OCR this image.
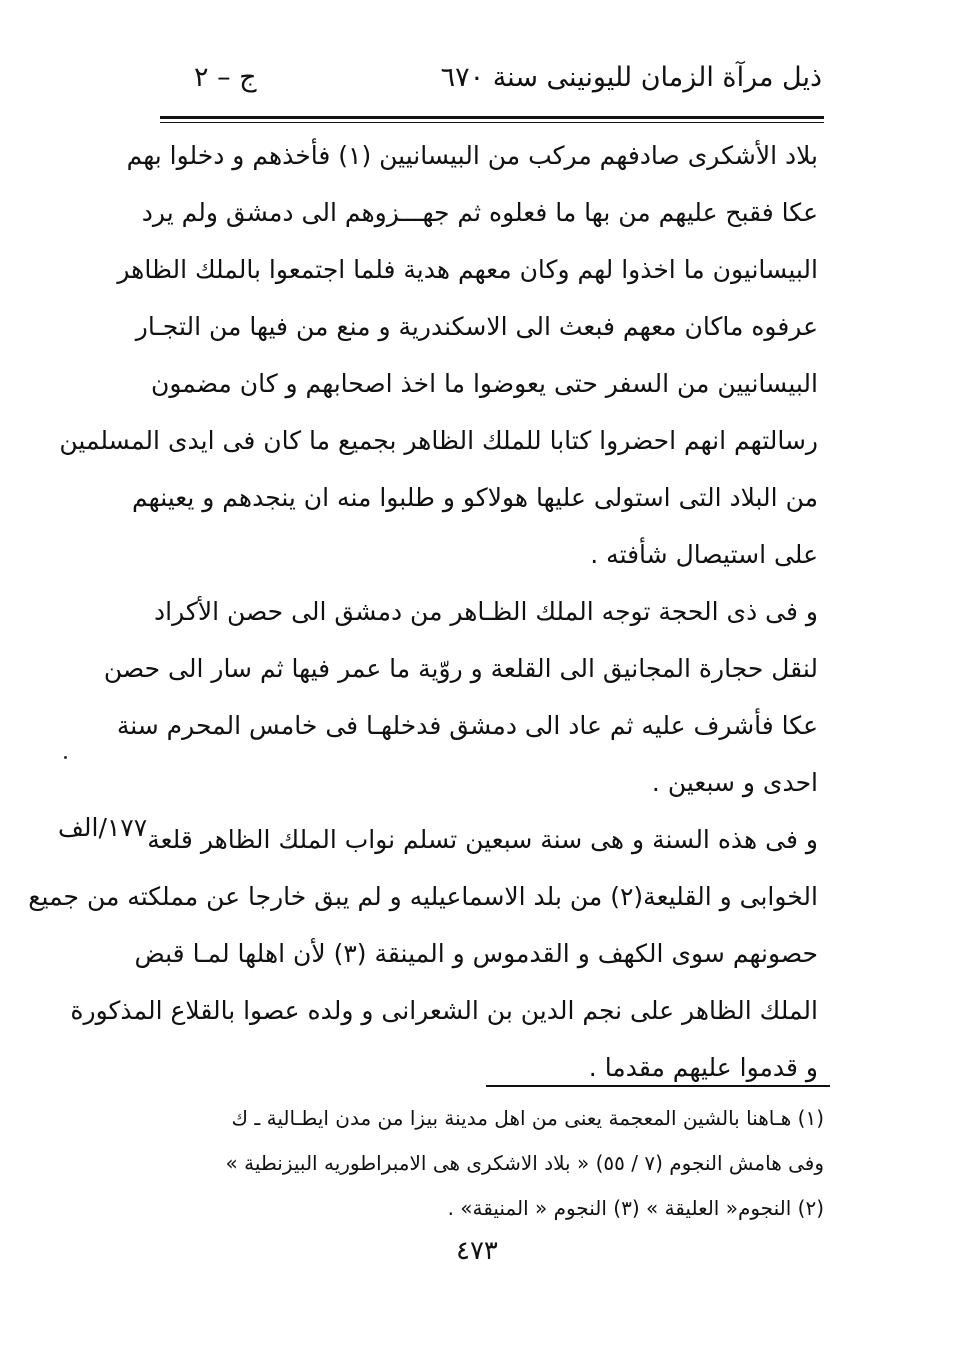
ذيل مرآة الزمان لليونينى سنة ٦٧٠
ج – ٢
بلاد الأشكرى صادفهم مركب من البيسانيين (١) فأخذهم و دخلوا بهم
عكا فقبح عليهم من بها ما فعلوه ثم جهـــزوهم الى دمشق ولم يرد
البيسانيون ما اخذوا لهم وكان معهم هدية فلما اجتمعوا بالملك الظاهر
عرفوه ماكان معهم فبعث الى الاسكندرية و منع من فيها من التجـار
البيسانيين من السفر حتى يعوضوا ما اخذ اصحابهم و كان مضمون
رسالتهم انهم احضروا كتابا للملك الظاهر بجميع ما كان فى ايدى المسلمين
من البلاد التى استولى عليها هولاكو و طلبوا منه ان ينجدهم و يعينهم
على استيصال شأفته .
و فى ذى الحجة توجه الملك الظـاهر من دمشق الى حصن الأكراد
لنقل حجارة المجانيق الى القلعة و روّية ما عمر فيها ثم سار الى حصن
عكا فأشرف عليه ثم عاد الى دمشق فدخلهـا فى خامس المحرم سنة
احدى و سبعين .
و فى هذه السنة و هى سنة سبعين تسلم نواب الملك الظاهر قلعة
الخوابى و القليعة(٢) من بلد الاسماعيليه و لم يبق خارجا عن مملكته من جميع
حصونهم سوى الكهف و القدموس و المينقة (٣) لأن اهلها لمـا قبض
الملك الظاهر على نجم الدين بن الشعرانى و ولده عصوا بالقلاع المذكورة
و قدموا عليهم مقدما .
١٧٧/الف
(١) هـاهنا بالشين المعجمة يعنى من اهل مدينة بيزا من مدن ايطـالية ـ ك
وفى هامش النجوم (٧ / ٥٥) « بلاد الاشكرى هى الامبراطوريه البيزنطية »
(٢) النجوم« العليقة » (٣) النجوم « المنيقة» .
٤٧٣
